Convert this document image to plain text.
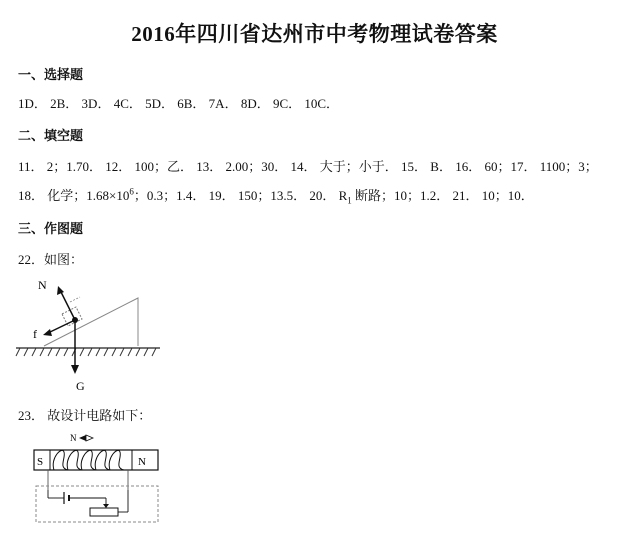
2016年四川省达州市中考物理试卷答案
一、选择题
1D． 2B． 3D． 4C． 5D． 6B． 7A． 8D． 9C． 10C．
二、填空题
11． 2；1.70． 12． 100；乙． 13． 2.00；30． 14． 大于；小于． 15． B． 16． 60；17． 1100；3；
18． 化学；$1.68\times 10^6$；0.3；1.4． 19． 150；13.5． 20． $R_1$ 断路；10；1.2． 21． 10；10．
三、作图题
22．如图：
N
f
G
23． 故设计电路如下：
N
S	N
